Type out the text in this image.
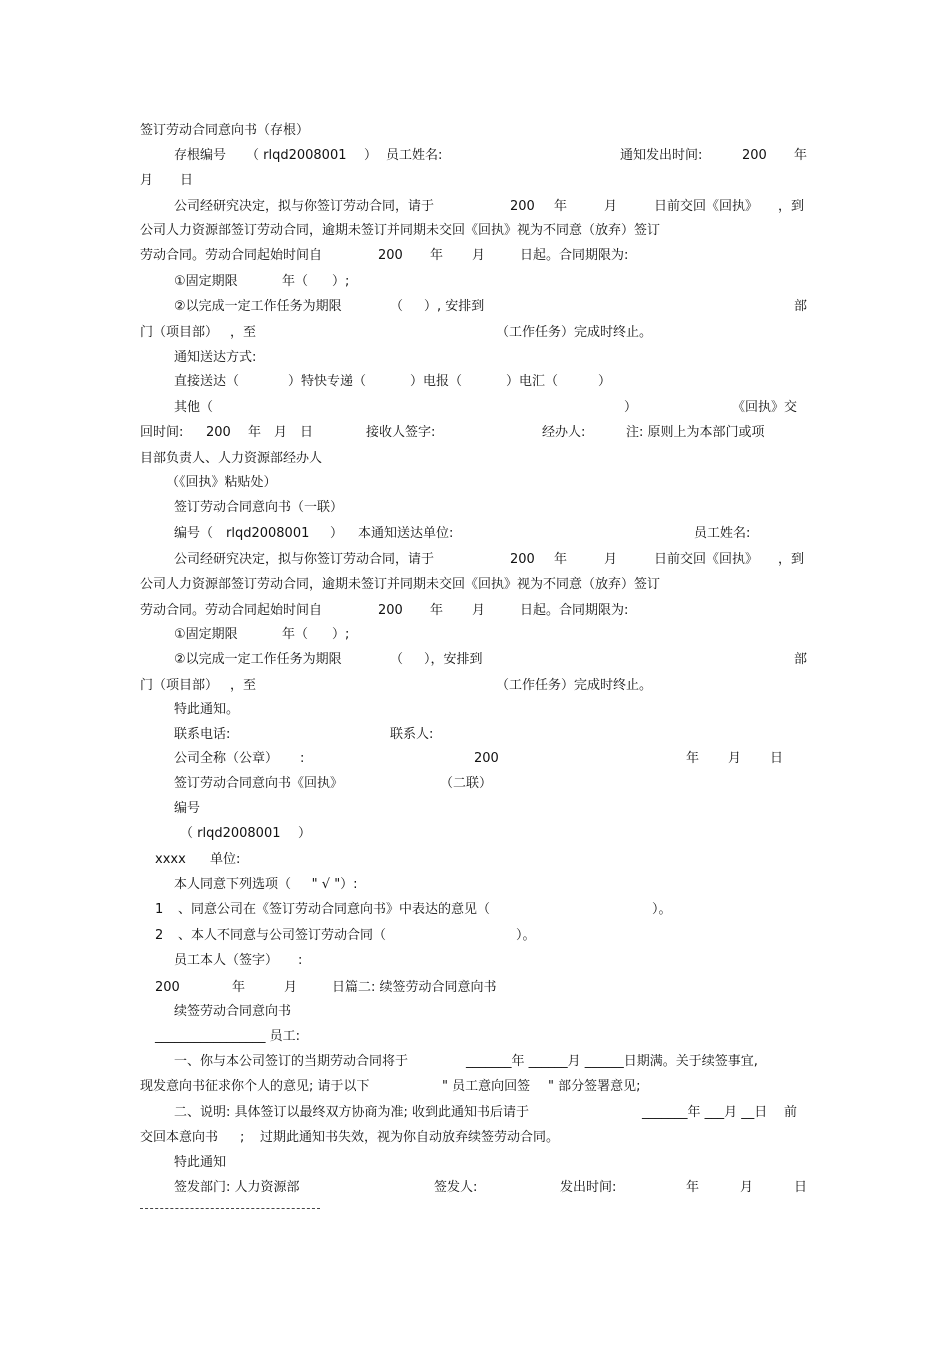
签订劳动合同意向书（存根）
存根编号 （ rlqd2008001 ） 员工姓名:	通知发出时间:	200 年
月 日
公司经研究决定，拟与你签订劳动合同，请于	200 年	月	日前交回《回执》 ，到
公司人力资源部签订劳动合同，逾期未签订并同期未交回《回执》视为不同意（放弃）签订
劳动合同。劳动合同起始时间自	200 年 月	日起。合同期限为:
①固定期限	年（ ）;
②以完成一定工作任务为期限	（ ）, 安排到	部
门（项目部） ，至	（工作任务）完成时终止。
通知送达方式:
直接送达（	）特快专递（	）电报（	）电汇（	）
其他（	）	《回执》交
回时间: 200 年 月 日	接收人签字:	经办人:	注: 原则上为本部门或项
目部负责人、人力资源部经办人
（《回执》粘贴处）
签订劳动合同意向书（一联）
编号（ rlqd2008001 ） 本通知送达单位:	员工姓名:
公司经研究决定，拟与你签订劳动合同，请于	200 年	月	日前交回《回执》 ，到
公司人力资源部签订劳动合同，逾期未签订并同期未交回《回执》视为不同意（放弃）签订
劳动合同。劳动合同起始时间自	200 年 月	日起。合同期限为:
①固定期限	年（ ）;
②以完成一定工作任务为期限	（ ），安排到	部
门（项目部） ，至	（工作任务）完成时终止。
特此通知。
联系电话:	联系人:
公司全称（公章） :	200	年 月 日
签订劳动合同意向书《回执》	（二联）
编号
（ rlqd2008001 ）
xxxx 单位:
本人同意下列选项（     " √ "）:
1 、同意公司在《签订劳动合同意向书》中表达的意见（	）。
2 、本人不同意与公司签订劳动合同（	）。
员工本人（签字） :
200	年	月	日篇二: 续签劳动合同意向书
续签劳动合同意向书
_________________ 员工:
一、你与本公司签订的当期劳动合同将于	_______年 ______月 ______日期满。关于续签事宜,
现发意向书征求你个人的意见; 请于以下	" 员工意向回签 " 部分签署意见;
二、说明: 具体签订以最终双方协商为准; 收到此通知书后请于	_______年 ___月 __日 前
交回本意向书 ; 过期此通知书失效，视为你自动放弃续签劳动合同。
特此通知
签发部门: 人力资源部	签发人:	发出时间:	年	月	日
